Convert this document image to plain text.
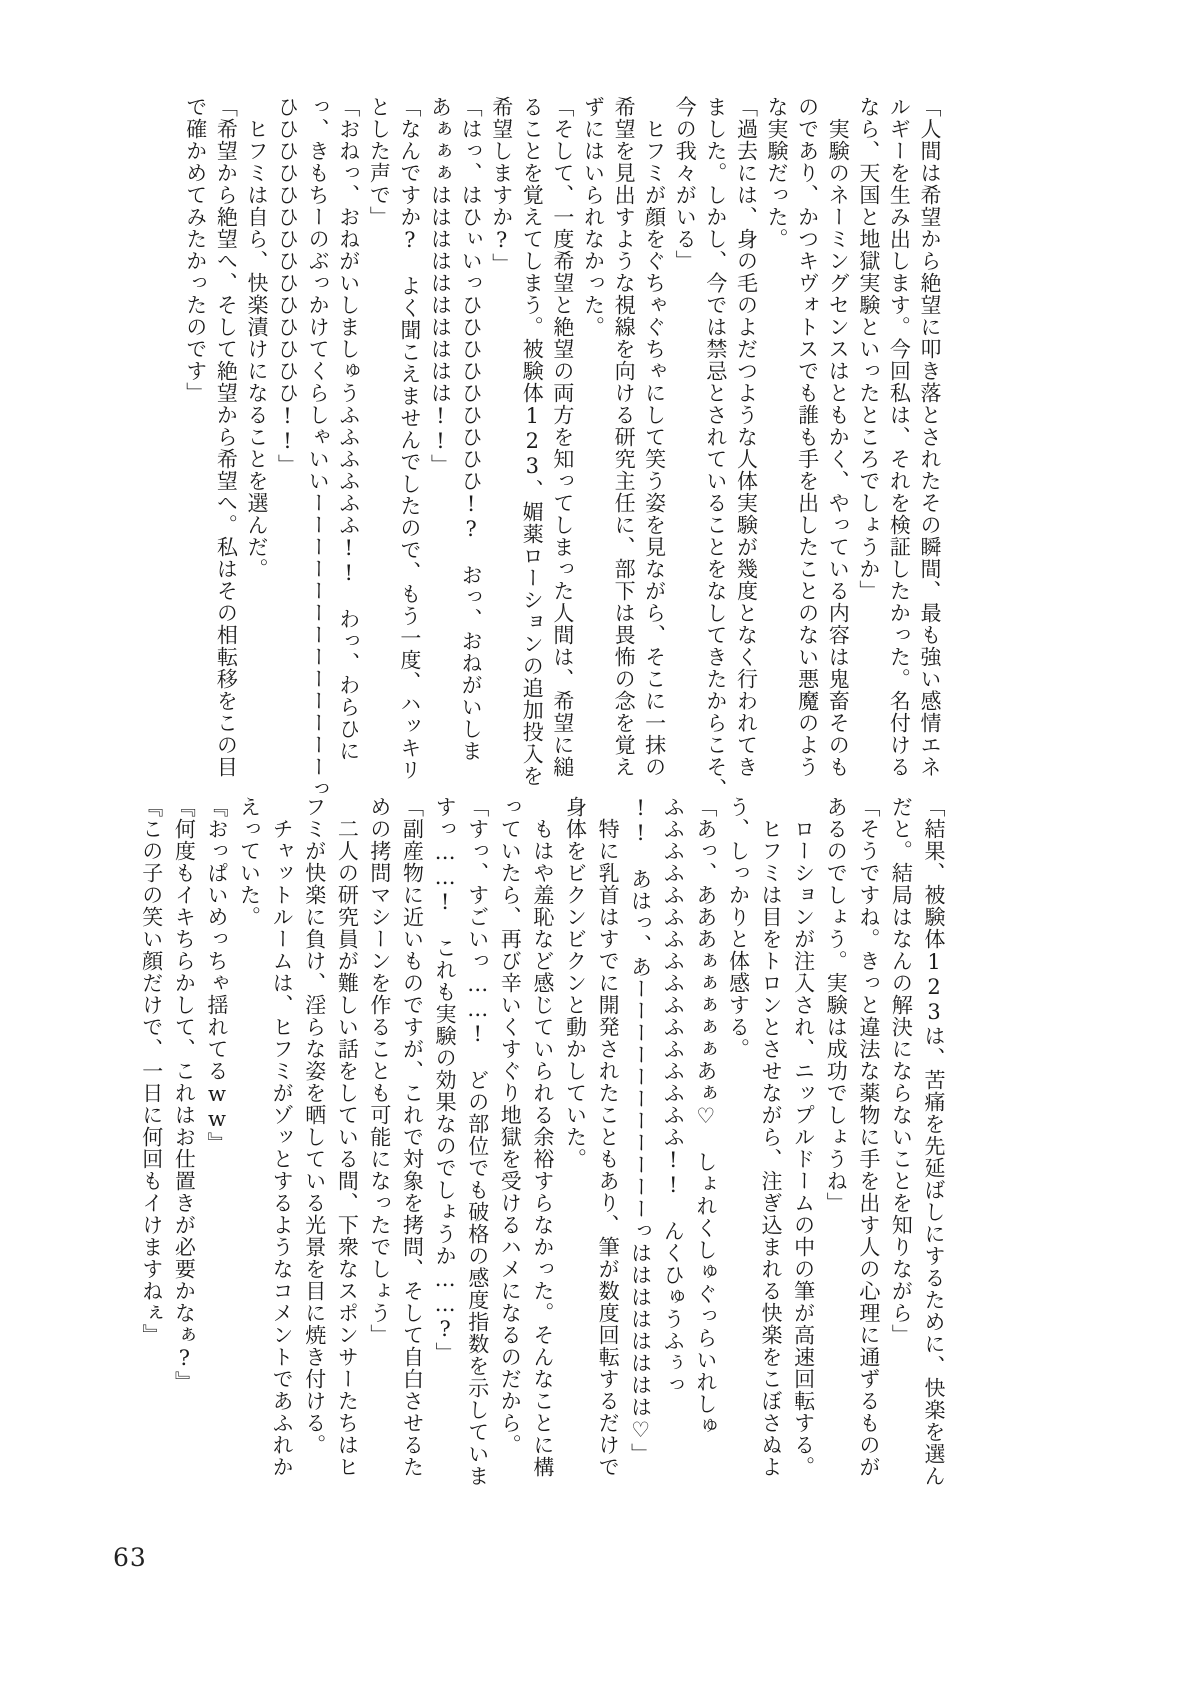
「人間は希望から絶望に叩き落とされたその瞬間、最も強い感情エネ

ルギーを生み出します。今回私は、それを検証したかった。名付ける

なら、天国と地獄実験といったところでしょうか」

　実験のネーミングセンスはともかく、やっている内容は鬼畜そのも

のであり、かつキヴォトスでも誰も手を出したことのない悪魔のよう

な実験だった。

「過去には、身の毛のよだつような人体実験が幾度となく行われてき

ました。しかし、今では禁忌とされていることをなしてきたからこそ、

今の我々がいる」

　ヒフミが顔をぐちゃぐちゃにして笑う姿を見ながら、そこに一抹の

希望を見出すような視線を向ける研究主任に、部下は畏怖の念を覚え

ずにはいられなかった。

「そして、一度希望と絶望の両方を知ってしまった人間は、希望に縋

ることを覚えてしまう。被験体123、媚薬ローションの追加投入を

希望しますか?」

「はっ、はひぃいっひひひひひひひひひ!?　おっ、おねがいしま

あぁぁぁはははははははははは!!」

「なんですか?　よく聞こえませんでしたので、もう一度、ハッキリ

とした声で」

「おねっ、おねがいしましゅうふふふふふふ!!　わっ、わらひに

っ、きもちーのぶっかけてくらしゃいいーーーーーーーーーーーーーっ

ひひひひひひひひひひひひひひ!!」

　ヒフミは自ら、快楽漬けになることを選んだ。

「希望から絶望へ、そして絶望から希望へ。私はその相転移をこの目

で確かめてみたかったのです」

「結果、被験体123は、苦痛を先延ばしにするために、快楽を選ん

だと。結局はなんの解決にならないことを知りながら」

「そうですね。きっと違法な薬物に手を出す人の心理に通ずるものが

あるのでしょう。実験は成功でしょうね」

　ローションが注入され、ニップルドームの中の筆が高速回転する。

　ヒフミは目をトロンとさせながら、注ぎ込まれる快楽をこぼさぬよ

う、しっかりと体感する。

「あっ、あああぁぁぁぁぁあぁ♡　しょれくしゅぐっらいれしゅ

ふふふふふふふふふふふふふふふふ!!　んくひゅうふぅっ

!!　あはっ、あーーーーーーーーーーーっはははははははは♡」

　特に乳首はすでに開発されたこともあり、筆が数度回転するだけで

身体をビクンビクンと動かしていた。

　もはや羞恥など感じていられる余裕すらなかった。そんなことに構

っていたら、再び辛いくすぐり地獄を受けるハメになるのだから。

「すっ、すごいっ……!　どの部位でも破格の感度指数を示していま

すっ……!　これも実験の効果なのでしょうか……?」

「副産物に近いものですが、これで対象を拷問、そして自白させるた

めの拷問マシーンを作ることも可能になったでしょう」

　二人の研究員が難しい話をしている間、下衆なスポンサーたちはヒ

フミが快楽に負け、淫らな姿を晒している光景を目に焼き付ける。

　チャットルームは、ヒフミがゾッとするようなコメントであふれか

えっていた。

『おっぱいめっちゃ揺れてるww』

『何度もイキちらかして、これはお仕置きが必要かなぁ?』

『この子の笑い顔だけで、一日に何回もイけますねぇ』

63
